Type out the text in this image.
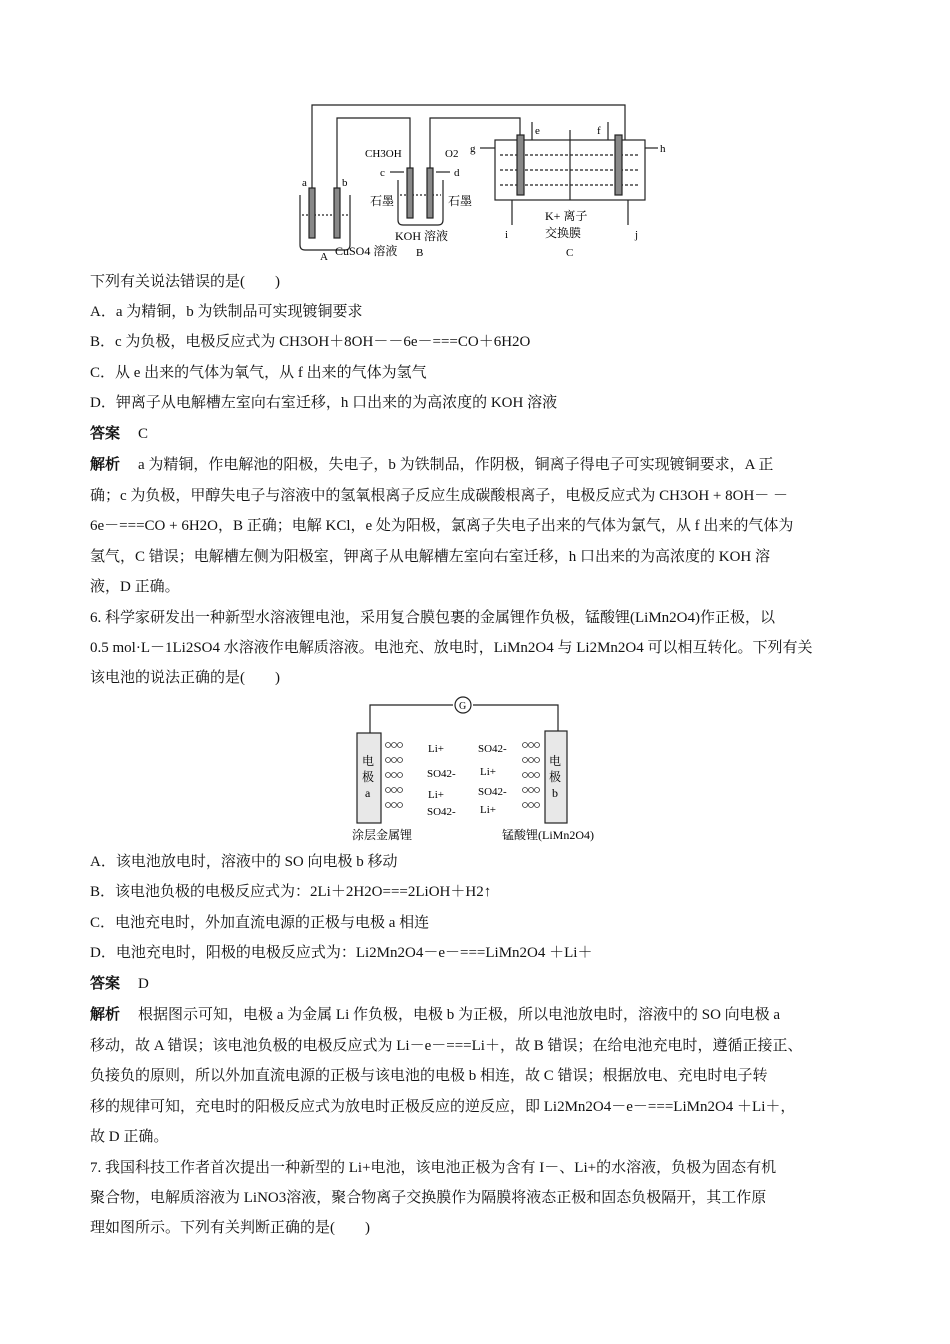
CH3OH	O2
c	d
a	b
石墨	石墨
KOH 溶液
A CuSO4 溶液 B
e	f
g	h
K+ 离子
交换膜
i	j
C
下列有关说法错误的是(　　)
A．a 为精铜，b 为铁制品可实现镀铜要求
B．c 为负极，电极反应式为 CH3OH＋8OH－－6e－===CO＋6H2O
C．从 e 出来的气体为氧气，从 f 出来的气体为氢气
D．钾离子从电解槽左室向右室迁移，h 口出来的为高浓度的 KOH 溶液
答案 C
解析 a 为精铜，作电解池的阳极，失电子，b 为铁制品，作阴极，铜离子得电子可实现镀铜要求，A 正
确；c 为负极，甲醇失电子与溶液中的氢氧根离子反应生成碳酸根离子，电极反应式为 CH3OH + 8OH－ －
6e－===CO + 6H2O，B 正确；电解 KCl，e 处为阳极，氯离子失电子出来的气体为氯气，从 f 出来的气体为
氢气，C 错误；电解槽左侧为阳极室，钾离子从电解槽左室向右室迁移，h 口出来的为高浓度的 KOH 溶
液，D 正确。
6. 科学家研发出一种新型水溶液锂电池，采用复合膜包裹的金属锂作负极，锰酸锂(LiMn2O4)作正极，以
0.5 mol·L－1Li2SO4 水溶液作电解质溶液。电池充、放电时，LiMn2O4 与 Li2Mn2O4 可以相互转化。下列有关
该电池的说法正确的是(　　)
G
电
极
a
电
极
b
Li+
SO42-
Li+
SO42-
SO42-
Li+
SO42-
Li+
涂层金属锂	锰酸锂(LiMn2O4)
A．该电池放电时，溶液中的 SO 向电极 b 移动
B．该电池负极的电极反应式为：2Li＋2H2O===2LiOH＋H2↑
C．电池充电时，外加直流电源的正极与电极 a 相连
D．电池充电时，阳极的电极反应式为：Li2Mn2O4－e－===LiMn2O4 ＋Li＋
答案 D
解析 根据图示可知，电极 a 为金属 Li 作负极，电极 b 为正极，所以电池放电时，溶液中的 SO 向电极 a
移动，故 A 错误；该电池负极的电极反应式为 Li－e－===Li＋，故 B 错误；在给电池充电时，遵循正接正、
负接负的原则，所以外加直流电源的正极与该电池的电极 b 相连，故 C 错误；根据放电、充电时电子转
移的规律可知，充电时的阳极反应式为放电时正极反应的逆反应，即 Li2Mn2O4－e－===LiMn2O4 ＋Li＋，
故 D 正确。
7. 我国科技工作者首次提出一种新型的 Li+电池，该电池正极为含有 I－、Li+的水溶液，负极为固态有机
聚合物，电解质溶液为 LiNO3溶液，聚合物离子交换膜作为隔膜将液态正极和固态负极隔开，其工作原
理如图所示。下列有关判断正确的是(　　)
